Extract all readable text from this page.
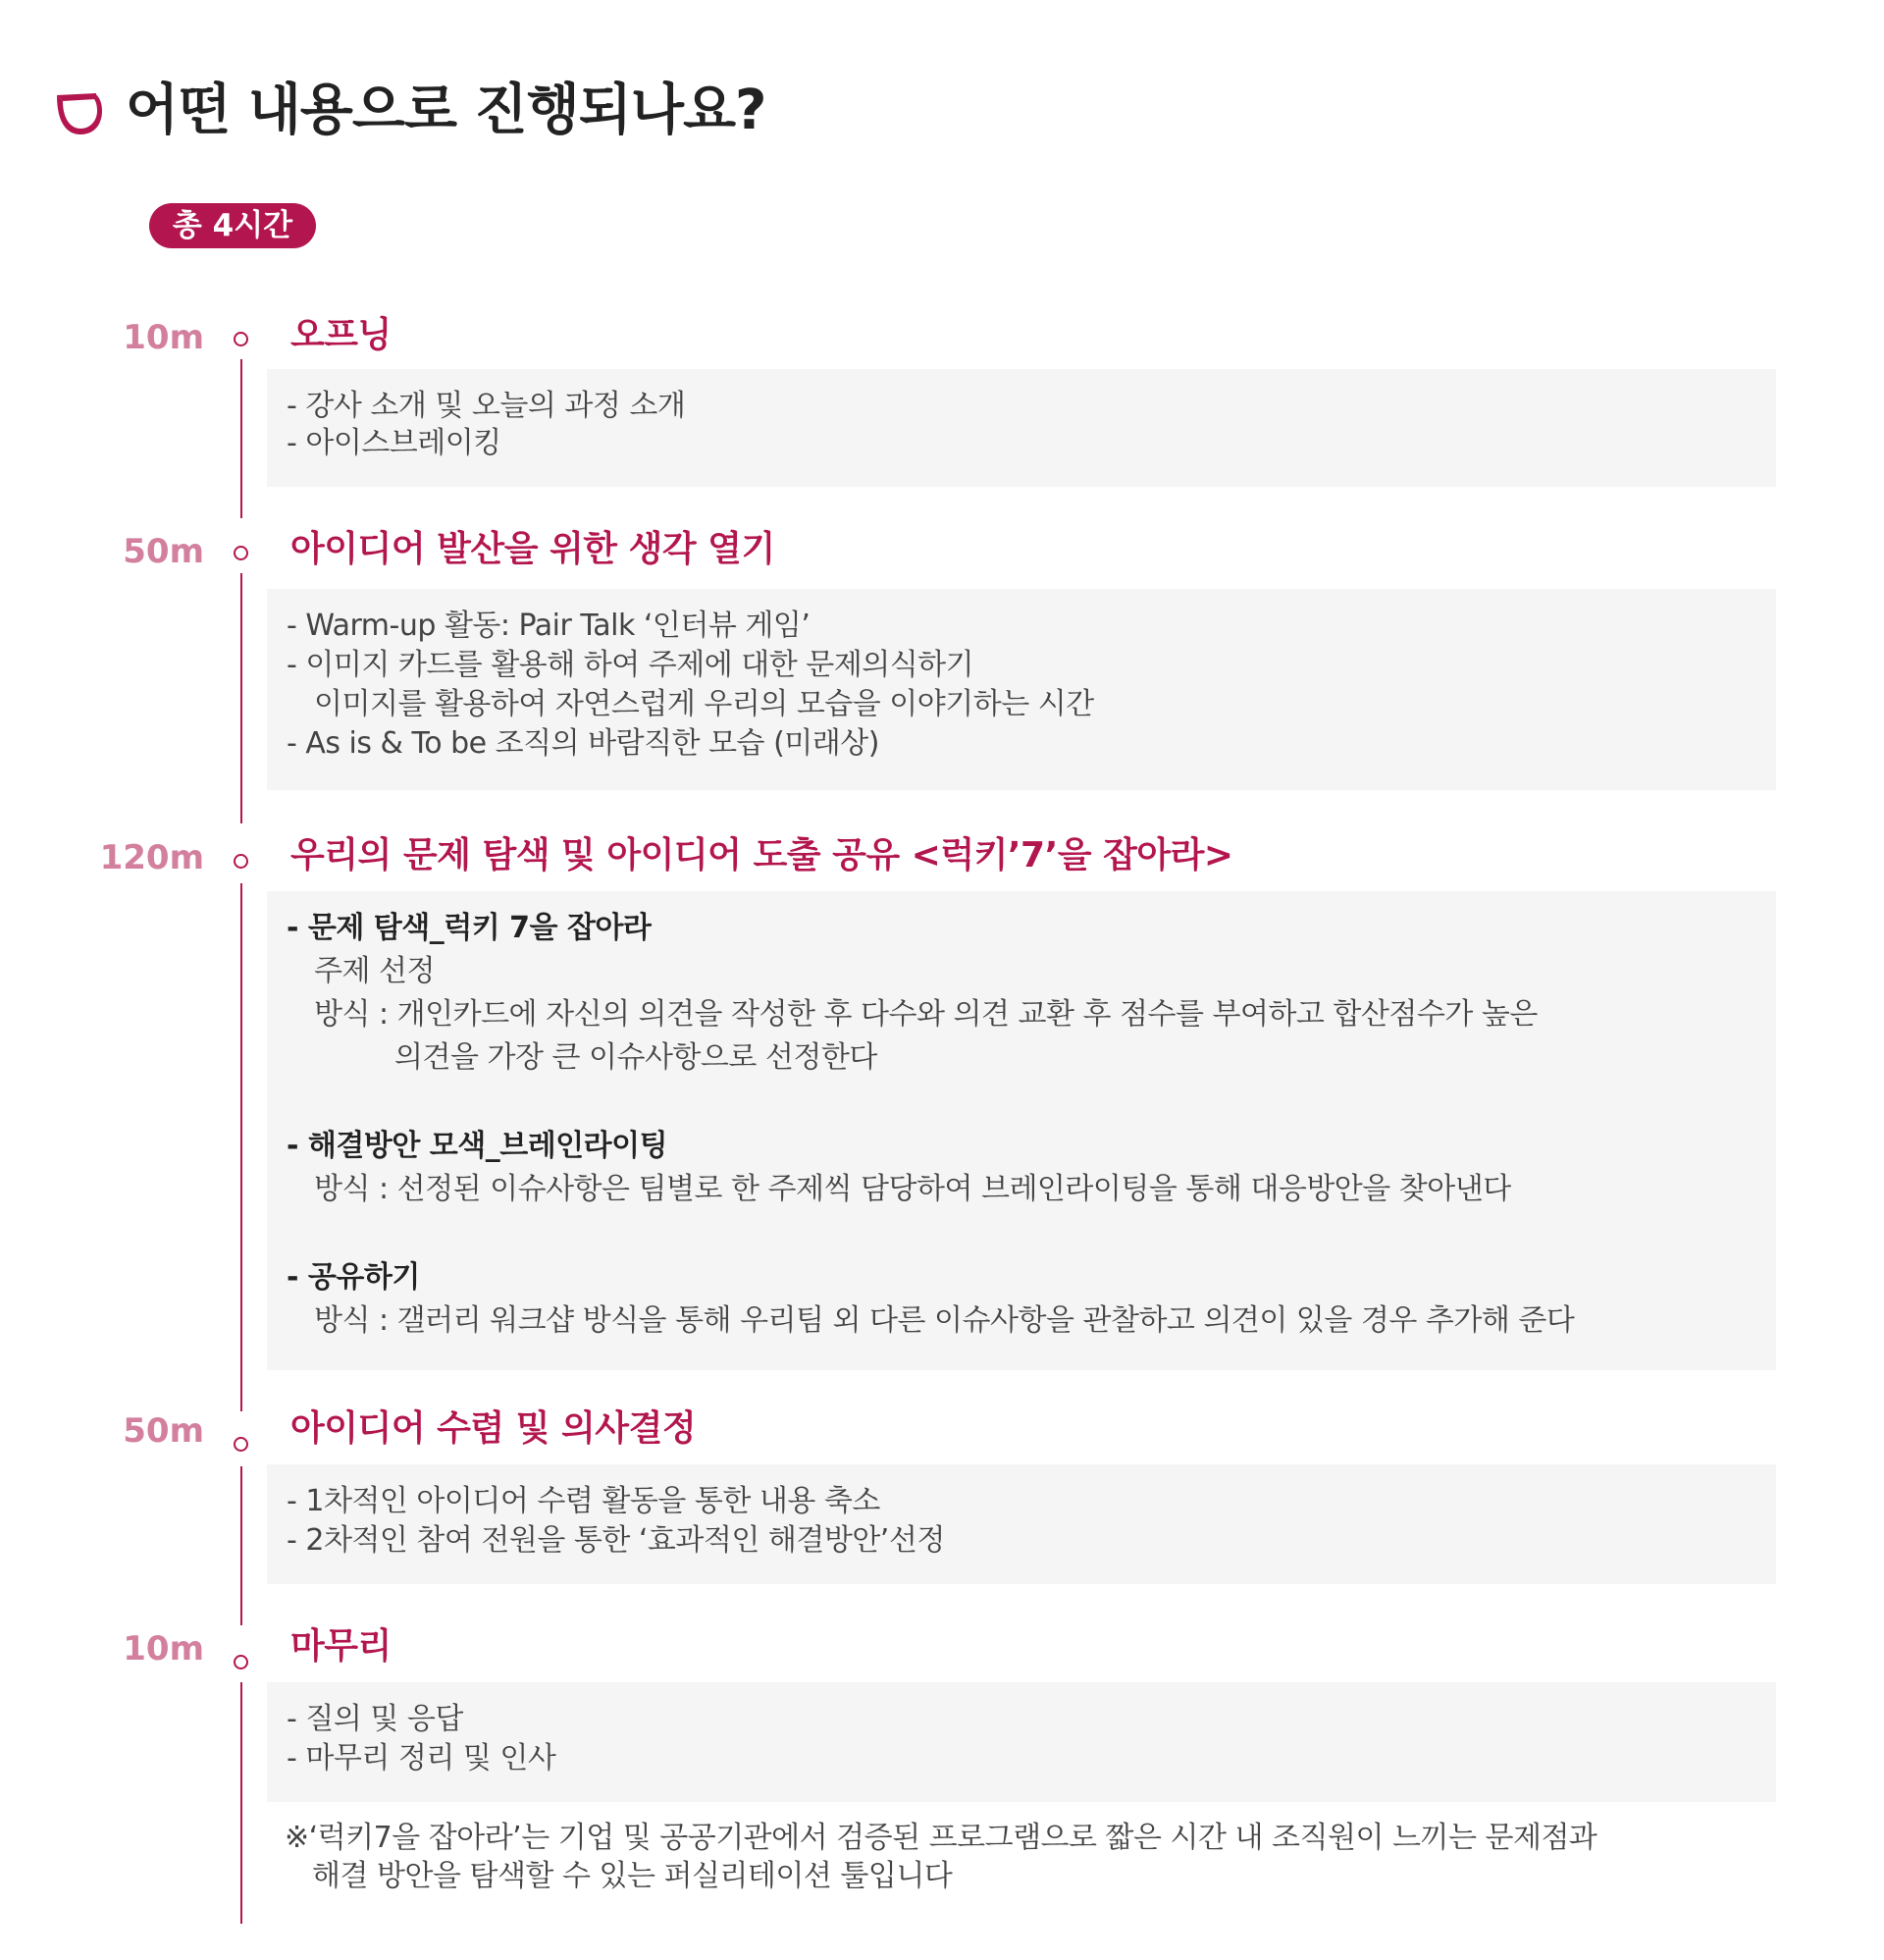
어떤 내용으로 진행되나요?
총 4시간
10m 오프닝
- 강사 소개 및 오늘의 과정 소개
- 아이스브레이킹
50m 아이디어 발산을 위한 생각 열기
- Warm-up 활동: Pair Talk ‘인터뷰 게임’
- 이미지 카드를 활용해 하여 주제에 대한 문제의식하기
이미지를 활용하여 자연스럽게 우리의 모습을 이야기하는 시간
- As is & To be 조직의 바람직한 모습 (미래상)
120m 우리의 문제 탐색 및 아이디어 도출 공유 <럭키’7’을 잡아라>
- 문제 탐색_럭키 7을 잡아라
주제 선정
방식 : 개인카드에 자신의 의견을 작성한 후 다수와 의견 교환 후 점수를 부여하고 합산점수가 높은
의견을 가장 큰 이슈사항으로 선정한다
- 해결방안 모색_브레인라이팅
방식 : 선정된 이슈사항은 팀별로 한 주제씩 담당하여 브레인라이팅을 통해 대응방안을 찾아낸다
- 공유하기
방식 : 갤러리 워크샵 방식을 통해 우리팀 외 다른 이슈사항을 관찰하고 의견이 있을 경우 추가해 준다
50m 아이디어 수렴 및 의사결정
- 1차적인 아이디어 수렴 활동을 통한 내용 축소
- 2차적인 참여 전원을 통한 ‘효과적인 해결방안’선정
10m 마무리
- 질의 및 응답
- 마무리 정리 및 인사
※‘럭키7을 잡아라’는 기업 및 공공기관에서 검증된 프로그램으로 짧은 시간 내 조직원이 느끼는 문제점과
해결 방안을 탐색할 수 있는 퍼실리테이션 툴입니다
